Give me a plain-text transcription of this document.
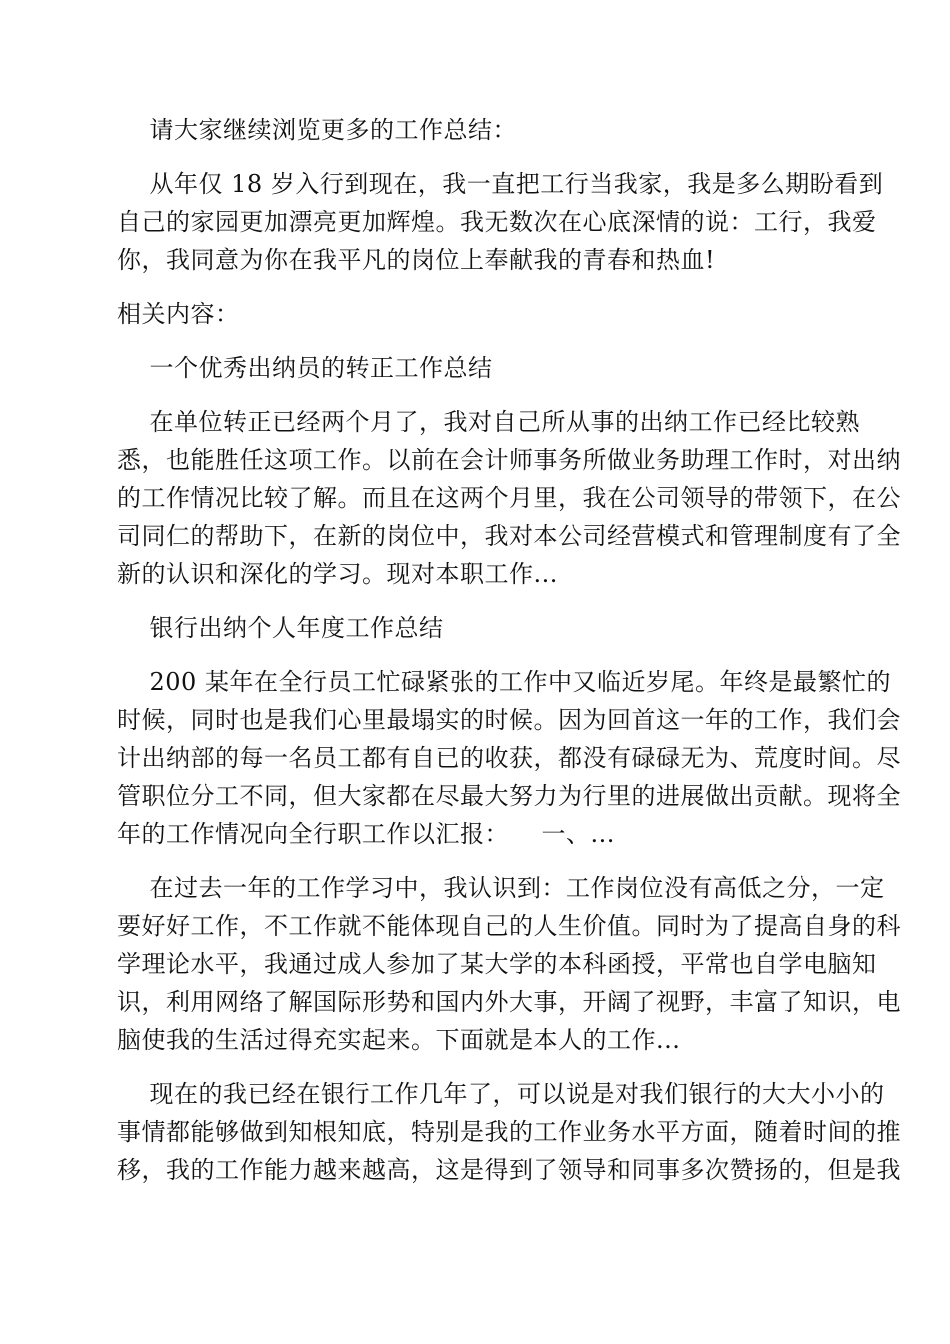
请大家继续浏览更多的工作总结：
从年仅 18 岁入行到现在，我一直把工行当我家，我是多么期盼看到
自己的家园更加漂亮更加辉煌。我无数次在心底深情的说：工行，我爱
你，我同意为你在我平凡的岗位上奉献我的青春和热血!
相关内容：
一个优秀出纳员的转正工作总结
在单位转正已经两个月了，我对自己所从事的出纳工作已经比较熟
悉，也能胜任这项工作。以前在会计师事务所做业务助理工作时，对出纳
的工作情况比较了解。而且在这两个月里，我在公司领导的带领下，在公
司同仁的帮助下，在新的岗位中，我对本公司经营模式和管理制度有了全
新的认识和深化的学习。现对本职工作...
银行出纳个人年度工作总结
200 某年在全行员工忙碌紧张的工作中又临近岁尾。年终是最繁忙的
时候，同时也是我们心里最塌实的时候。因为回首这一年的工作，我们会
计出纳部的每一名员工都有自已的收获，都没有碌碌无为、荒度时间。尽
管职位分工不同，但大家都在尽最大努力为行里的进展做出贡献。现将全
年的工作情况向全行职工作以汇报：    一、...
在过去一年的工作学习中，我认识到：工作岗位没有高低之分，一定
要好好工作，不工作就不能体现自己的人生价值。同时为了提高自身的科
学理论水平，我通过成人参加了某大学的本科函授，平常也自学电脑知
识，利用网络了解国际形势和国内外大事，开阔了视野，丰富了知识，电
脑使我的生活过得充实起来。下面就是本人的工作...
现在的我已经在银行工作几年了，可以说是对我们银行的大大小小的
事情都能够做到知根知底，特别是我的工作业务水平方面，随着时间的推
移，我的工作能力越来越高，这是得到了领导和同事多次赞扬的，但是我
